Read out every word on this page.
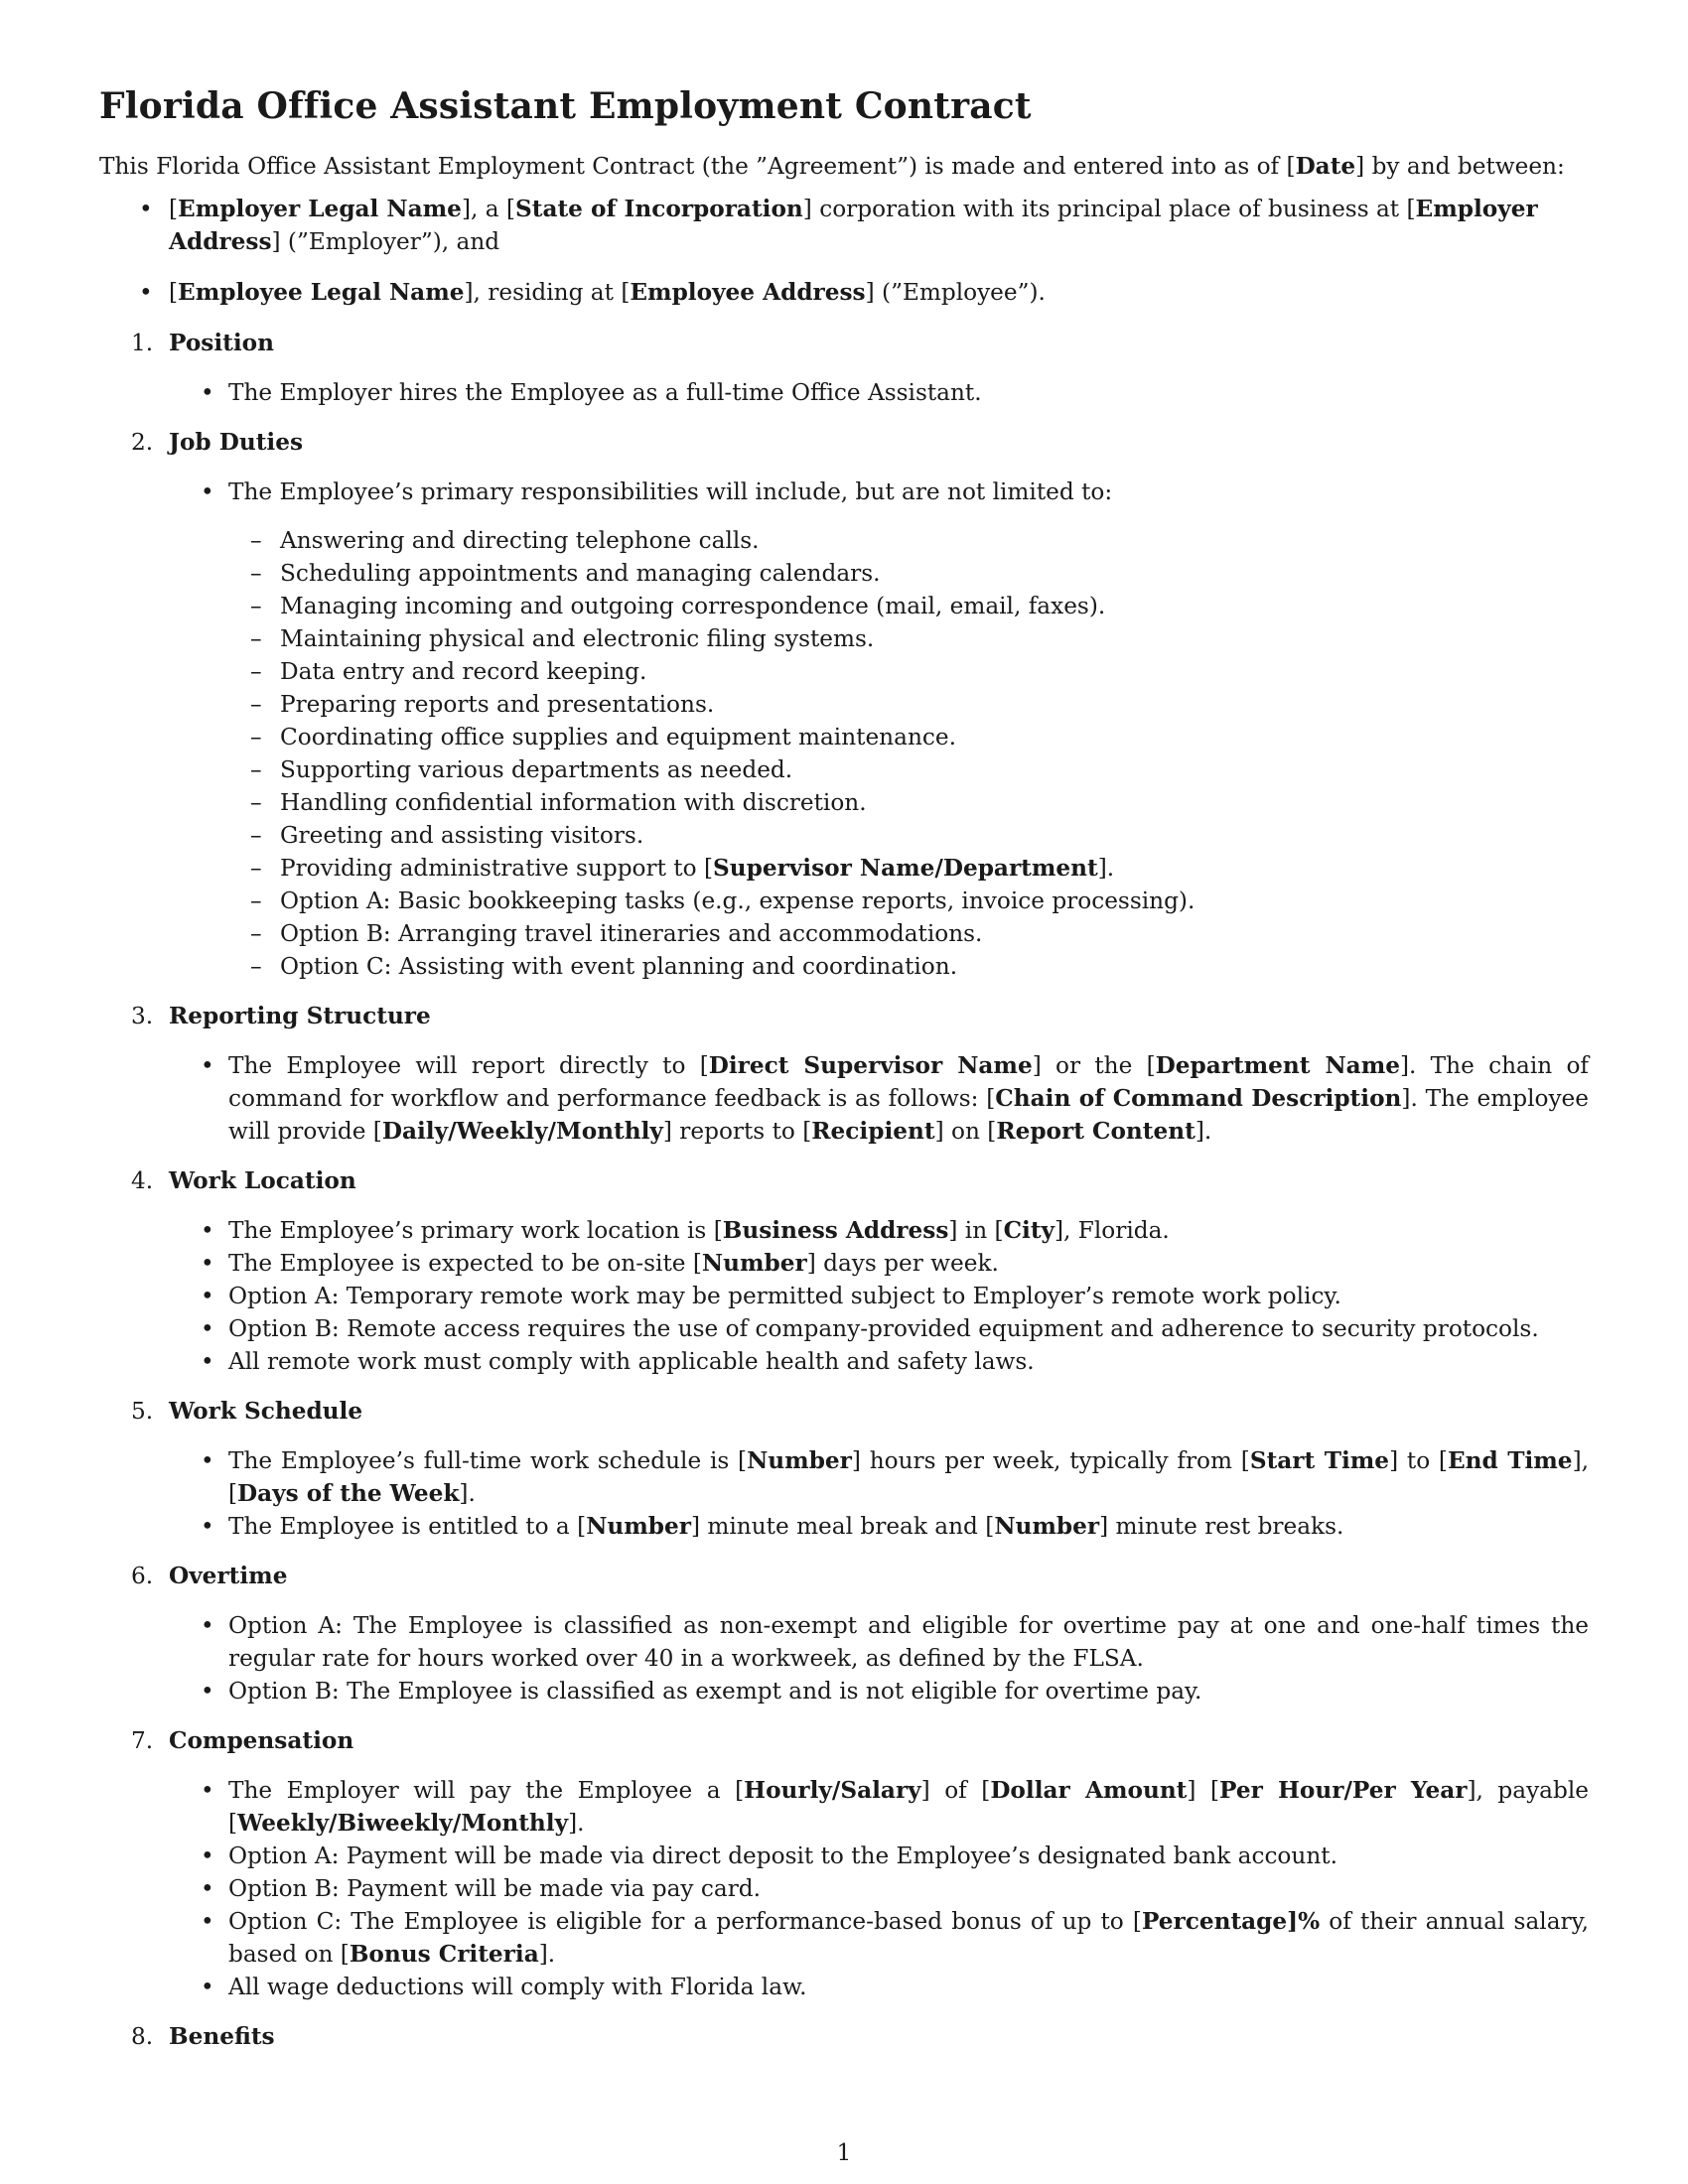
Florida Office Assistant Employment Contract

This Florida Office Assistant Employment Contract (the ”Agreement”) is made and entered into as of [Date] by and between:

• [Employer Legal Name], a [State of Incorporation] corporation with its principal place of business at [Employer Address] (”Employer”), and
• [Employee Legal Name], residing at [Employee Address] (”Employee”).
1. Position
• The Employer hires the Employee as a full-time Office Assistant.
2. Job Duties
• The Employee’s primary responsibilities will include, but are not limited to:
– Answering and directing telephone calls.
– Scheduling appointments and managing calendars.
– Managing incoming and outgoing correspondence (mail, email, faxes).
– Maintaining physical and electronic filing systems.
– Data entry and record keeping.
– Preparing reports and presentations.
– Coordinating office supplies and equipment maintenance.
– Supporting various departments as needed.
– Handling confidential information with discretion.
– Greeting and assisting visitors.
– Providing administrative support to [Supervisor Name/Department].
– Option A: Basic bookkeeping tasks (e.g., expense reports, invoice processing).
– Option B: Arranging travel itineraries and accommodations.
– Option C: Assisting with event planning and coordination.
3. Reporting Structure
• The Employee will report directly to [Direct Supervisor Name] or the [Department Name]. The chain of command for workflow and performance feedback is as follows: [Chain of Command Description]. The employee will provide [Daily/Weekly/Monthly] reports to [Recipient] on [Report Content].
4. Work Location
• The Employee’s primary work location is [Business Address] in [City], Florida.
• The Employee is expected to be on-site [Number] days per week.
• Option A: Temporary remote work may be permitted subject to Employer’s remote work policy.
• Option B: Remote access requires the use of company-provided equipment and adherence to security protocols.
• All remote work must comply with applicable health and safety laws.
5. Work Schedule
• The Employee’s full-time work schedule is [Number] hours per week, typically from [Start Time] to [End Time], [Days of the Week].
• The Employee is entitled to a [Number] minute meal break and [Number] minute rest breaks.
6. Overtime
• Option A: The Employee is classified as non-exempt and eligible for overtime pay at one and one-half times the regular rate for hours worked over 40 in a workweek, as defined by the FLSA.
• Option B: The Employee is classified as exempt and is not eligible for overtime pay.
7. Compensation
• The Employer will pay the Employee a [Hourly/Salary] of [Dollar Amount] [Per Hour/Per Year], payable [Weekly/Biweekly/Monthly].
• Option A: Payment will be made via direct deposit to the Employee’s designated bank account.
• Option B: Payment will be made via pay card.
• Option C: The Employee is eligible for a performance-based bonus of up to [Percentage]% of their annual salary, based on [Bonus Criteria].
• All wage deductions will comply with Florida law.
8. Benefits
1
